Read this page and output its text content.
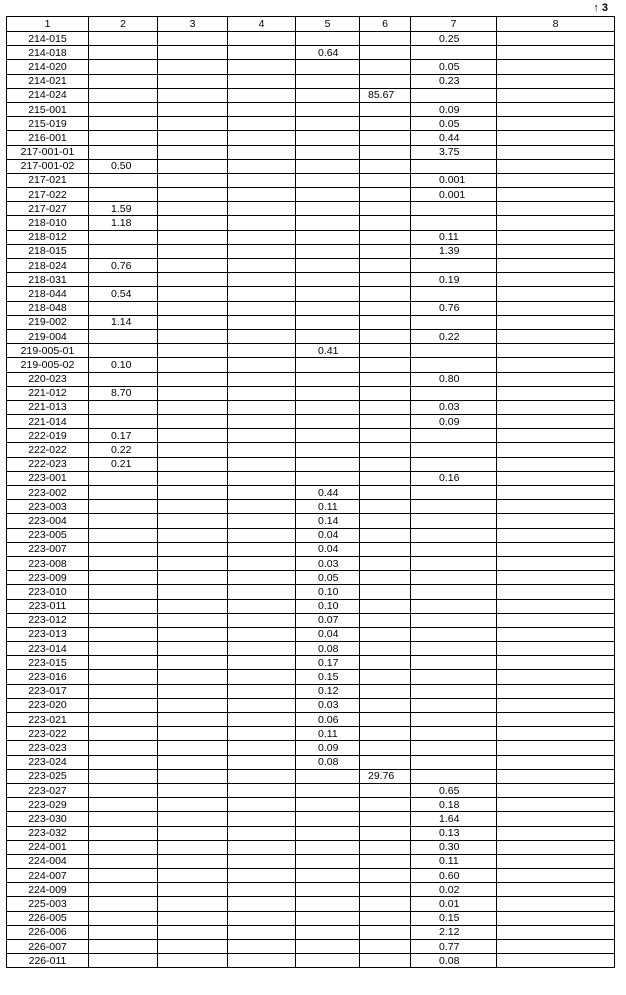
↑ 3
1	2	3	4	5	6	7	8
214-015						0.25	
214-018				0.64			
214-020						0.05	
214-021						0.23	
214-024					85.67		
215-001						0.09	
215-019						0.05	
216-001						0.44	
217-001-01						3.75	
217-001-02	0.50						
217-021						0.001	
217-022						0.001	
217-027	1.59						
218-010	1.18						
218-012						0.11	
218-015						1.39	
218-024	0.76						
218-031						0.19	
218-044	0.54						
218-048						0.76	
219-002	1.14						
219-004						0.22	
219-005-01				0.41			
219-005-02	0.10						
220-023						0.80	
221-012	8.70						
221-013						0.03	
221-014						0.09	
222-019	0.17						
222-022	0.22						
222-023	0.21						
223-001						0.16	
223-002				0.44			
223-003				0.11			
223-004				0.14			
223-005				0.04			
223-007				0.04			
223-008				0.03			
223-009				0.05			
223-010				0.10			
223-011				0.10			
223-012				0.07			
223-013				0.04			
223-014				0.08			
223-015				0.17			
223-016				0.15			
223-017				0.12			
223-020				0.03			
223-021				0.06			
223-022				0.11			
223-023				0.09			
223-024				0.08			
223-025					29.76		
223-027						0.65	
223-029						0.18	
223-030						1.64	
223-032						0.13	
224-001						0.30	
224-004						0.11	
224-007						0.60	
224-009						0.02	
225-003						0.01	
226-005						0.15	
226-006						2.12	
226-007						0.77	
226-011						0.08	
